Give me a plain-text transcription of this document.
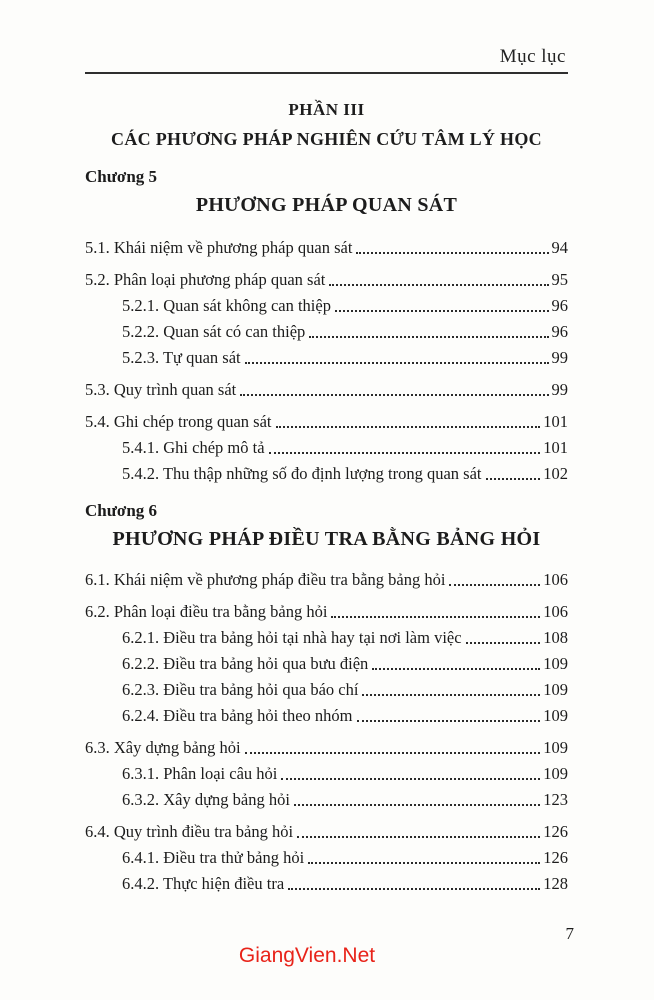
Mục lục
PHẦN III
CÁC PHƯƠNG PHÁP NGHIÊN CỨU TÂM LÝ HỌC
Chương 5
PHƯƠNG PHÁP QUAN SÁT
5.1. Khái niệm về phương pháp quan sát	94
5.2. Phân loại phương pháp quan sát	95
5.2.1. Quan sát không can thiệp	96
5.2.2. Quan sát có can thiệp	96
5.2.3. Tự quan sát	99
5.3. Quy trình quan sát	99
5.4. Ghi chép trong quan sát	101
5.4.1. Ghi chép mô tả	101
5.4.2. Thu thập những số đo định lượng trong quan sát	102
Chương 6
PHƯƠNG PHÁP ĐIỀU TRA BẰNG BẢNG HỎI
6.1. Khái niệm về phương pháp điều tra bằng bảng hỏi	106
6.2. Phân loại điều tra bằng bảng hỏi	106
6.2.1. Điều tra bảng hỏi tại nhà hay tại nơi làm việc	108
6.2.2. Điều tra bảng hỏi qua bưu điện	109
6.2.3. Điều tra bảng hỏi qua báo chí	109
6.2.4. Điều tra bảng hỏi theo nhóm	109
6.3. Xây dựng bảng hỏi	109
6.3.1. Phân loại câu hỏi	109
6.3.2. Xây dựng bảng hỏi	123
6.4. Quy trình điều tra bảng hỏi	126
6.4.1. Điều tra thử bảng hỏi	126
6.4.2. Thực hiện điều tra	128
7
GiangVien.Net
